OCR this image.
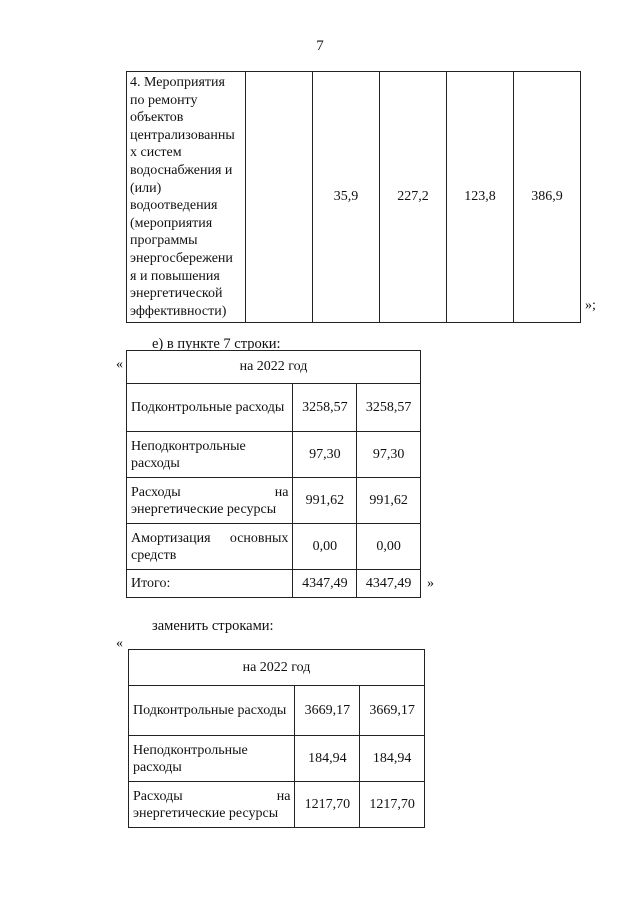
7
4. Мероприятия
по ремонту
объектов
централизованны
х систем
водоснабжения и
(или)
водоотведения
(мероприятия
программы
энергосбережени
я и повышения
энергетической
эффективности)
		35,9	227,2	123,8	386,9
»;
е) в пункте 7 строки:
«	на 2022 год		
Подконтрольные расходы	3258,57	3258,57
Неподконтрольные расходы	97,30	97,30

Расходы на
энергетические ресурсы	991,62	991,62
Амортизация основных средств	0,00	0,00
Итого:	4347,49	4347,49 »
заменить строками:
«
на 2022 год		
Подконтрольные расходы	3669,17	3669,17
Неподконтрольные расходы	184,94	184,94

Расходы на
энергетические ресурсы	1217,70	1217,70
